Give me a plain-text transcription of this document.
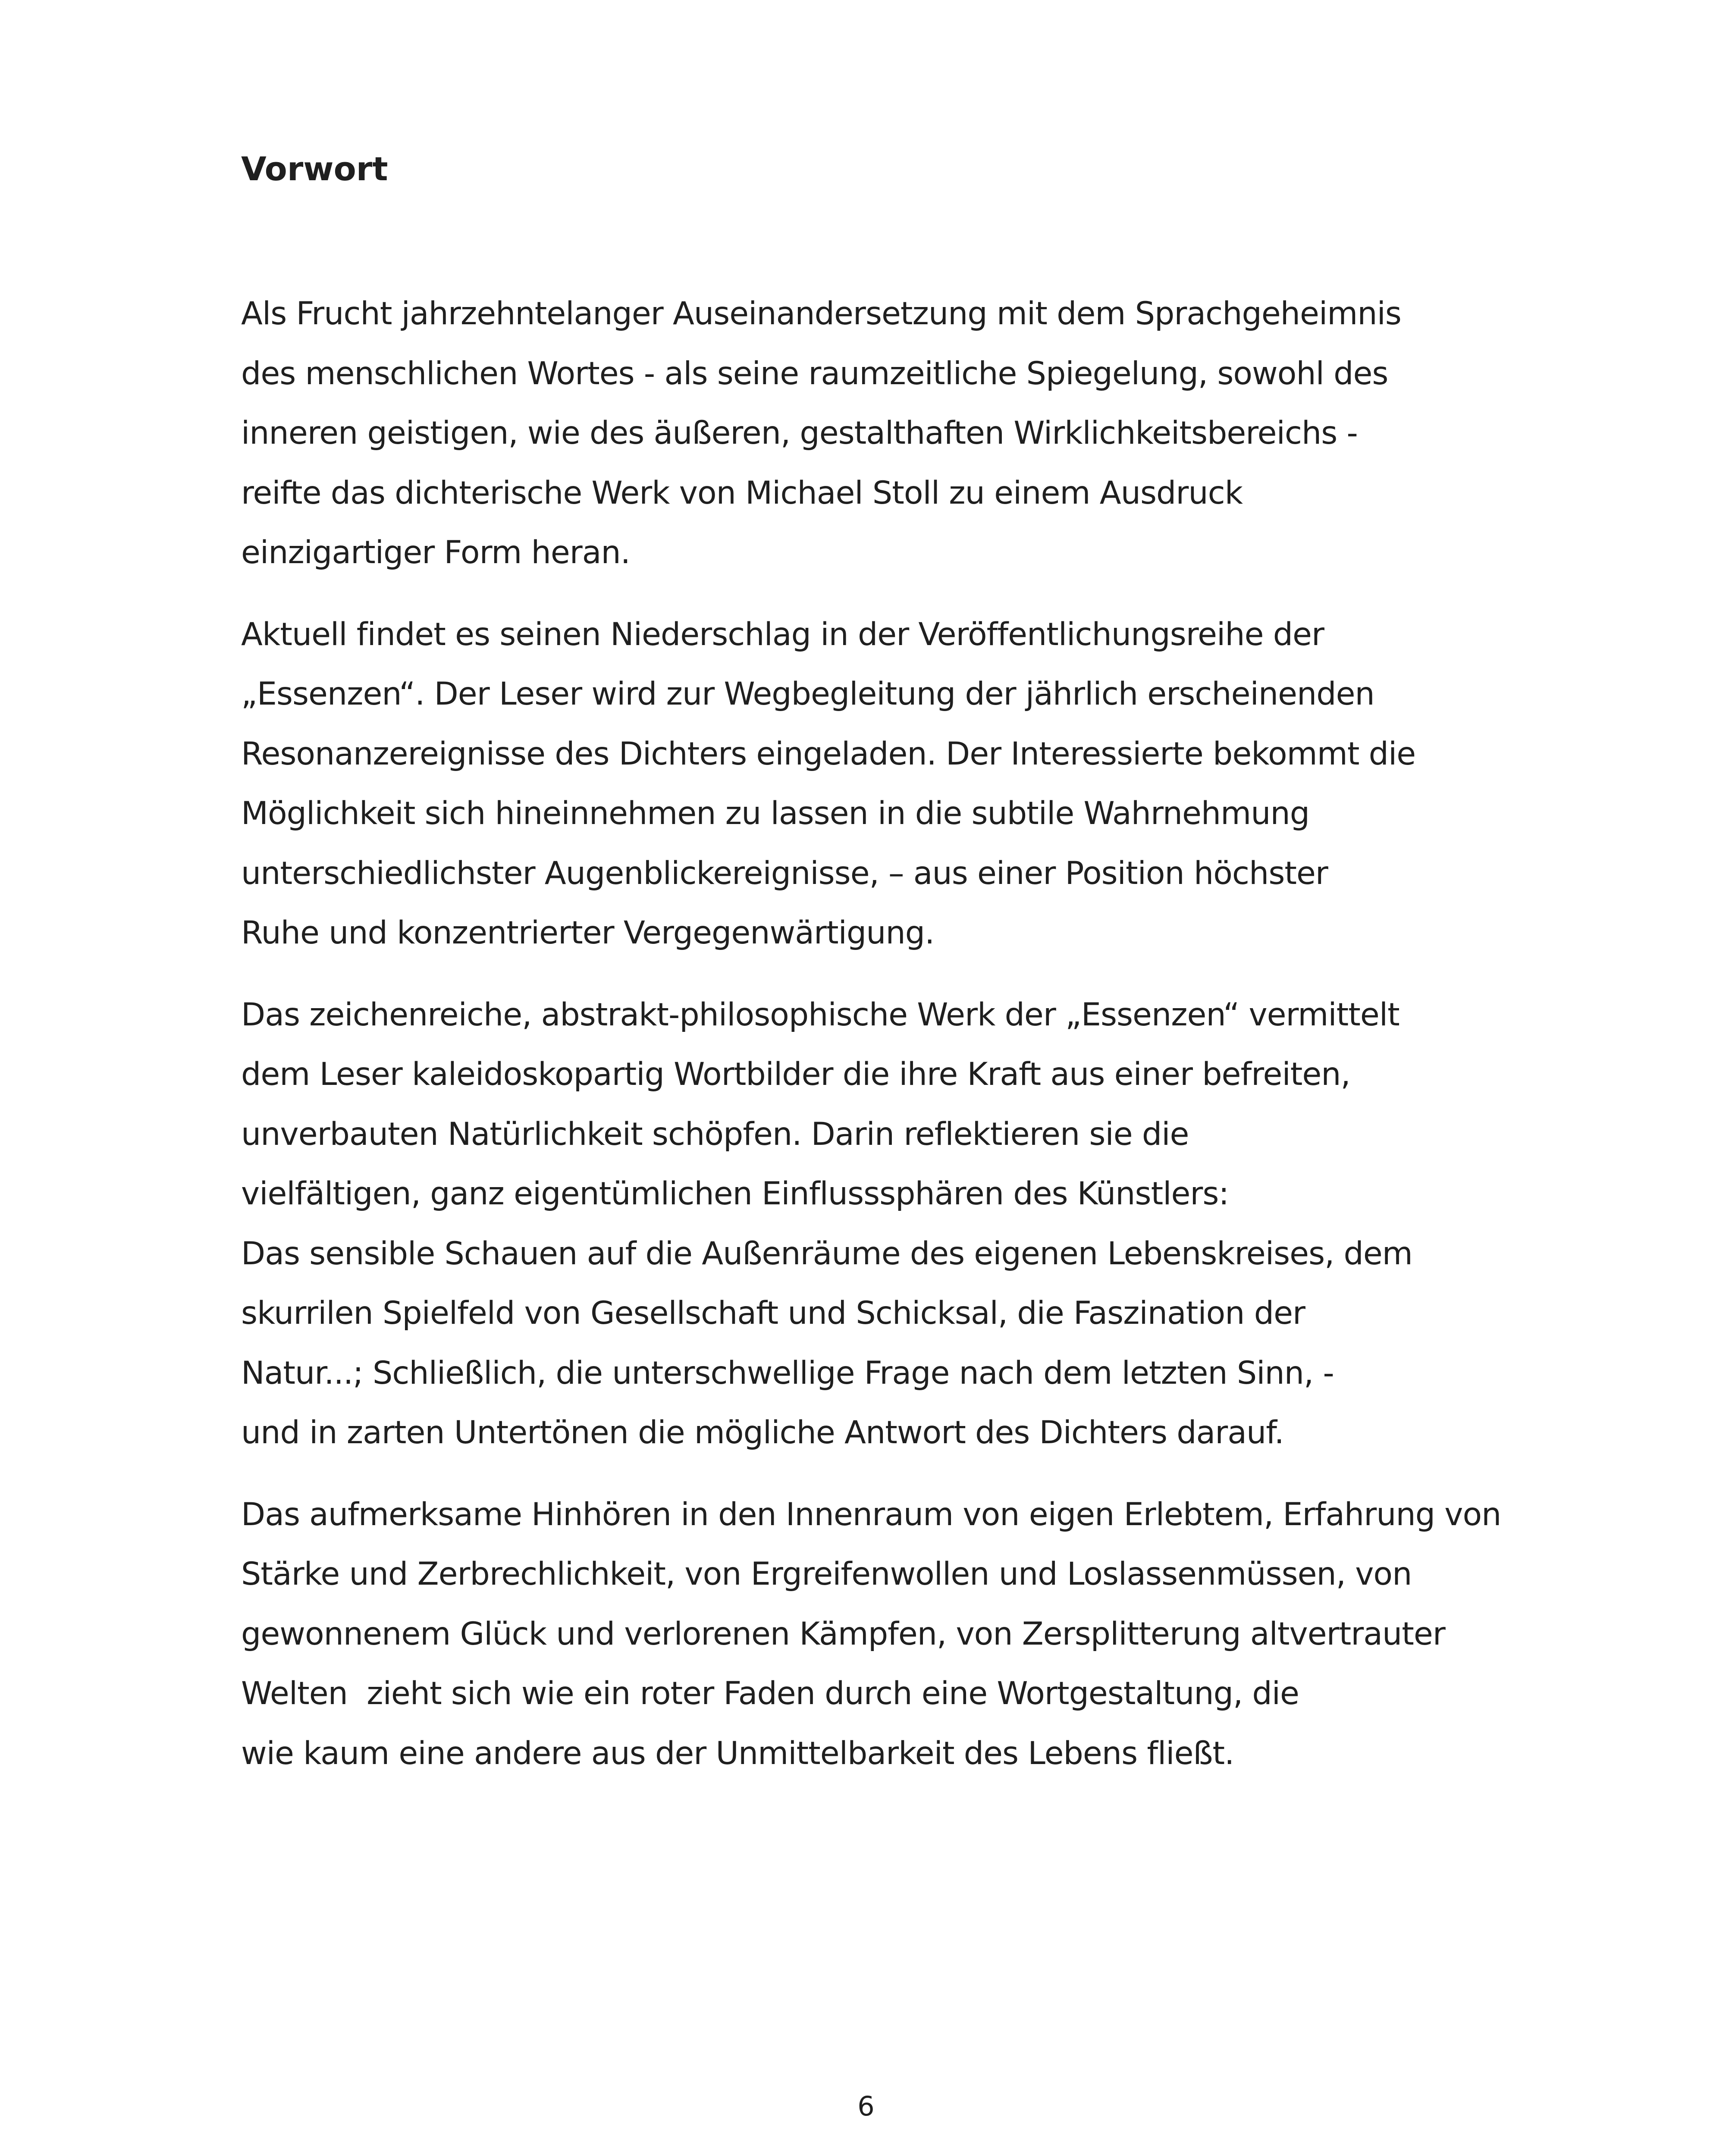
Vorwort

Als Frucht jahrzehntelanger Auseinandersetzung mit dem Sprachgeheimnis
des menschlichen Wortes - als seine raumzeitliche Spiegelung, sowohl des
inneren geistigen, wie des äußeren, gestalthaften Wirklichkeitsbereichs -
reifte das dichterische Werk von Michael Stoll zu einem Ausdruck
einzigartiger Form heran.

Aktuell findet es seinen Niederschlag in der Veröffentlichungsreihe der
„Essenzen“. Der Leser wird zur Wegbegleitung der jährlich erscheinenden
Resonanzereignisse des Dichters eingeladen. Der Interessierte bekommt die
Möglichkeit sich hineinnehmen zu lassen in die subtile Wahrnehmung
unterschiedlichster Augenblickereignisse, – aus einer Position höchster
Ruhe und konzentrierter Vergegenwärtigung.

Das zeichenreiche, abstrakt-philosophische Werk der „Essenzen“ vermittelt
dem Leser kaleidoskopartig Wortbilder die ihre Kraft aus einer befreiten,
unverbauten Natürlichkeit schöpfen. Darin reflektieren sie die
vielfältigen, ganz eigentümlichen Einflusssphären des Künstlers:
Das sensible Schauen auf die Außenräume des eigenen Lebenskreises, dem
skurrilen Spielfeld von Gesellschaft und Schicksal, die Faszination der
Natur...; Schließlich, die unterschwellige Frage nach dem letzten Sinn, -
und in zarten Untertönen die mögliche Antwort des Dichters darauf.

Das aufmerksame Hinhören in den Innenraum von eigen Erlebtem, Erfahrung von
Stärke und Zerbrechlichkeit, von Ergreifenwollen und Loslassenmüssen, von
gewonnenem Glück und verlorenen Kämpfen, von Zersplitterung altvertrauter
Welten  zieht sich wie ein roter Faden durch eine Wortgestaltung, die
wie kaum eine andere aus der Unmittelbarkeit des Lebens fließt.

6
